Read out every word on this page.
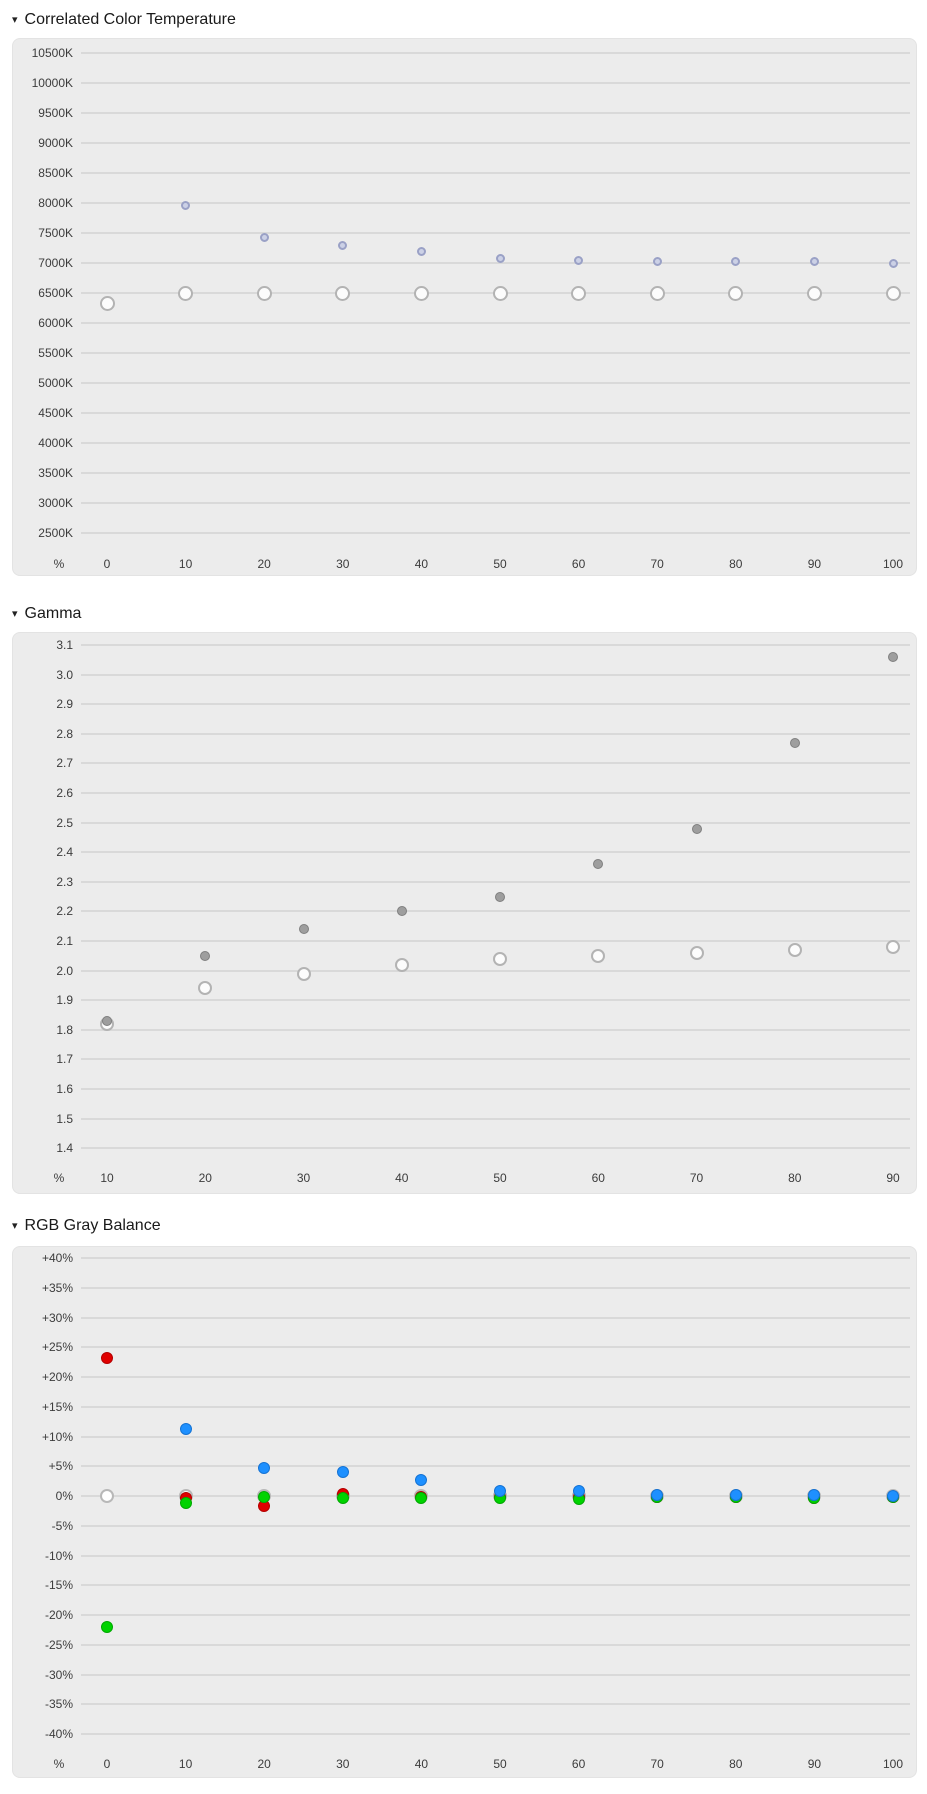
▾ Correlated Color Temperature
10500K
10000K
9500K
9000K
8500K
8000K
7500K
7000K
6500K
6000K
5500K
5000K
4500K
4000K
3500K
3000K
2500K
%	0	10	20	30	40	50	60	70	80	90	100
▾ Gamma
3.1
3.0
2.9
2.8
2.7
2.6
2.5
2.4
2.3
2.2
2.1
2.0
1.9
1.8
1.7
1.6
1.5
1.4
%	10	20	30	40	50	60	70	80	90
▾ RGB Gray Balance
+40%
+35%
+30%
+25%
+20%
+15%
+10%
+5%
0%
-5%
-10%
-15%
-20%
-25%
-30%
-35%
-40%
%	0	10	20	30	40	50	60	70	80	90	100
